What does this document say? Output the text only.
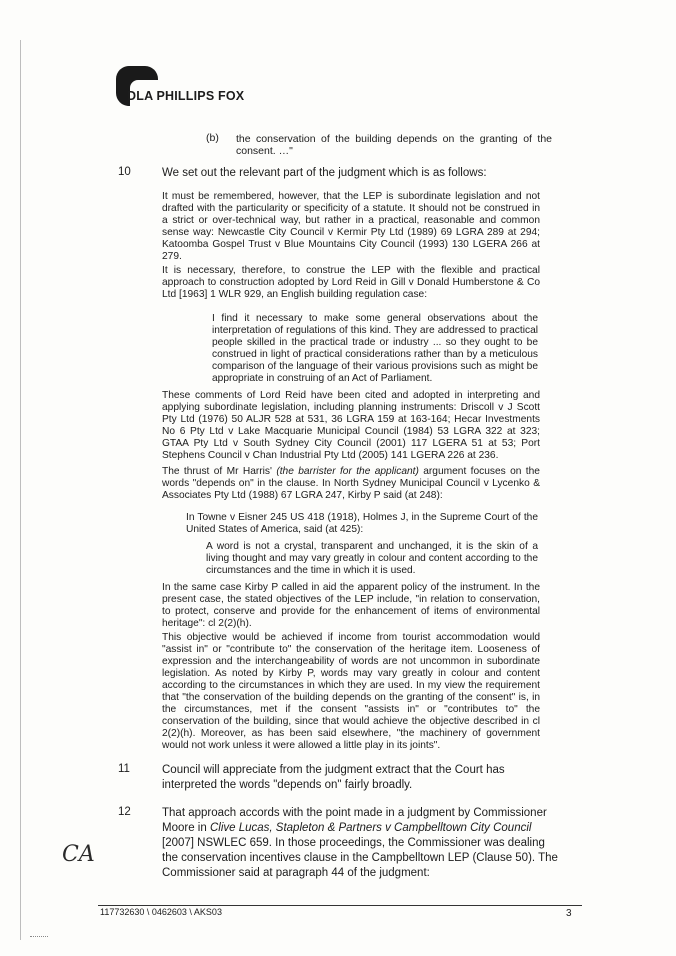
DLA PHILLIPS FOX
(b) the conservation of the building depends on the granting of the consent. …"
10	We set out the relevant part of the judgment which is as follows:
It must be remembered, however, that the LEP is subordinate legislation and not drafted with the particularity or specificity of a statute. It should not be construed in a strict or over-technical way, but rather in a practical, reasonable and common sense way: Newcastle City Council v Kermir Pty Ltd (1989) 69 LGRA 289 at 294; Katoomba Gospel Trust v Blue Mountains City Council (1993) 130 LGERA 266 at 279.
It is necessary, therefore, to construe the LEP with the flexible and practical approach to construction adopted by Lord Reid in Gill v Donald Humberstone & Co Ltd [1963] 1 WLR 929, an English building regulation case:
I find it necessary to make some general observations about the interpretation of regulations of this kind. They are addressed to practical people skilled in the practical trade or industry ... so they ought to be construed in light of practical considerations rather than by a meticulous comparison of the language of their various provisions such as might be appropriate in construing of an Act of Parliament.
These comments of Lord Reid have been cited and adopted in interpreting and applying subordinate legislation, including planning instruments: Driscoll v J Scott Pty Ltd (1976) 50 ALJR 528 at 531, 36 LGRA 159 at 163-164; Hecar Investments No 6 Pty Ltd v Lake Macquarie Municipal Council (1984) 53 LGRA 322 at 323; GTAA Pty Ltd v South Sydney City Council (2001) 117 LGERA 51 at 53; Port Stephens Council v Chan Industrial Pty Ltd (2005) 141 LGERA 226 at 236.
The thrust of Mr Harris' (the barrister for the applicant) argument focuses on the words "depends on" in the clause. In North Sydney Municipal Council v Lycenko & Associates Pty Ltd (1988) 67 LGRA 247, Kirby P said (at 248):
In Towne v Eisner 245 US 418 (1918), Holmes J, in the Supreme Court of the United States of America, said (at 425):
A word is not a crystal, transparent and unchanged, it is the skin of a living thought and may vary greatly in colour and content according to the circumstances and the time in which it is used.
In the same case Kirby P called in aid the apparent policy of the instrument. In the present case, the stated objectives of the LEP include, "in relation to conservation, to protect, conserve and provide for the enhancement of items of environmental heritage": cl 2(2)(h).
This objective would be achieved if income from tourist accommodation would "assist in" or "contribute to" the conservation of the heritage item. Looseness of expression and the interchangeability of words are not uncommon in subordinate legislation. As noted by Kirby P, words may vary greatly in colour and content according to the circumstances in which they are used. In my view the requirement that "the conservation of the building depends on the granting of the consent" is, in the circumstances, met if the consent "assists in" or "contributes to" the conservation of the building, since that would achieve the objective described in cl 2(2)(h). Moreover, as has been said elsewhere, "the machinery of government would not work unless it were allowed a little play in its joints".
11	Council will appreciate from the judgment extract that the Court has interpreted the words "depends on" fairly broadly.
12	That approach accords with the point made in a judgment by Commissioner Moore in Clive Lucas, Stapleton & Partners v Campbelltown City Council [2007] NSWLEC 659. In those proceedings, the Commissioner was dealing the conservation incentives clause in the Campbelltown LEP (Clause 50). The Commissioner said at paragraph 44 of the judgment:
CA
117732630 \ 0462603 \ AKS03	3
